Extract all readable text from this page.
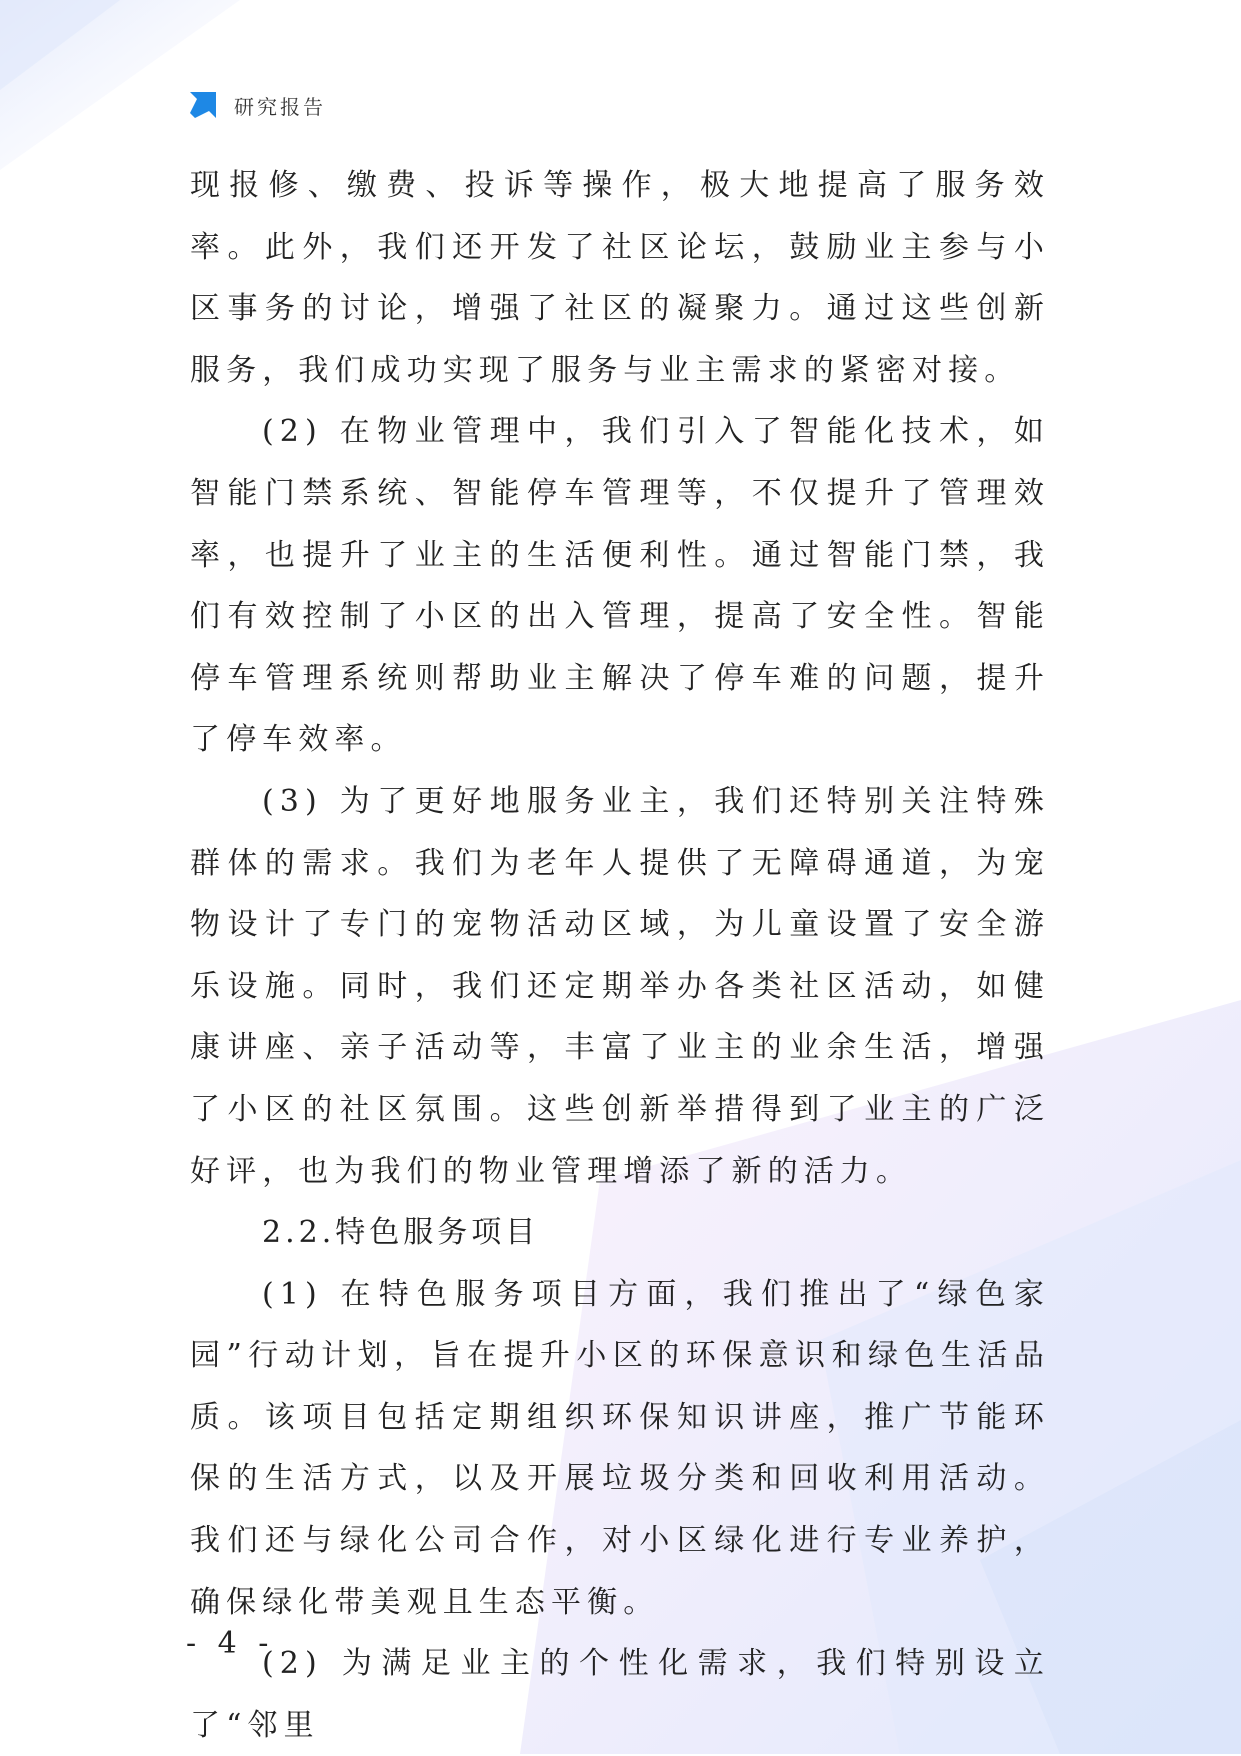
研究报告

现报修、缴费、投诉等操作，极大地提高了服务效率。此外，我们还开发了社区论坛，鼓励业主参与小区事务的讨论，增强了社区的凝聚力。通过这些创新服务，我们成功实现了服务与业主需求的紧密对接。

(2) 在物业管理中，我们引入了智能化技术，如智能门禁系统、智能停车管理等，不仅提升了管理效率，也提升了业主的生活便利性。通过智能门禁，我们有效控制了小区的出入管理，提高了安全性。智能停车管理系统则帮助业主解决了停车难的问题，提升了停车效率。

(3) 为了更好地服务业主，我们还特别关注特殊群体的需求。我们为老年人提供了无障碍通道，为宠物设计了专门的宠物活动区域，为儿童设置了安全游乐设施。同时，我们还定期举办各类社区活动，如健康讲座、亲子活动等，丰富了业主的业余生活，增强了小区的社区氛围。这些创新举措得到了业主的广泛好评，也为我们的物业管理增添了新的活力。

2.2.特色服务项目

(1) 在特色服务项目方面，我们推出了“绿色家园”行动计划，旨在提升小区的环保意识和绿色生活品质。该项目包括定期组织环保知识讲座，推广节能环保的生活方式，以及开展垃圾分类和回收利用活动。我们还与绿化公司合作，对小区绿化进行专业养护，确保绿化带美观且生态平衡。

(2) 为满足业主的个性化需求，我们特别设立了“邻里

- 4 -
